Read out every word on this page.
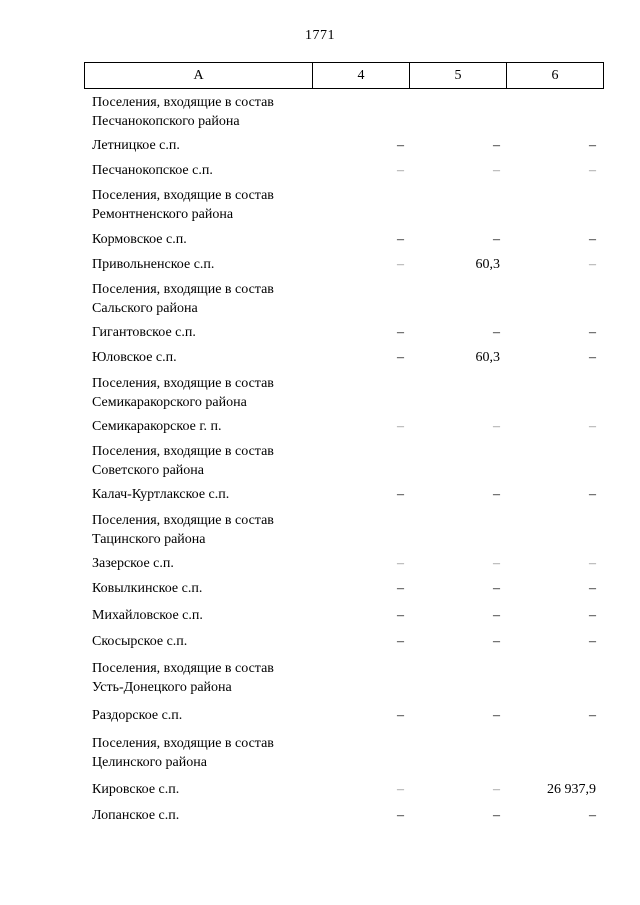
1771
А	4	5	6
Поселения, входящие в состав
Песчанокопского района
Летницкое с.п.	–	–	–
Песчанокопское с.п.	–	–	–
Поселения, входящие в состав
Ремонтненского района
Кормовское с.п.	–	–	–
Привольненское с.п.	–	60,3	–
Поселения, входящие в состав
Сальского района
Гигантовское с.п.	–	–	–
Юловское с.п.	–	60,3	–
Поселения, входящие в состав
Семикаракорского района
Семикаракорское г. п.	–	–	–
Поселения, входящие в состав
Советского района
Калач-Куртлакское с.п.	–	–	–
Поселения, входящие в состав
Тацинского района
Зазерское с.п.	–	–	–
Ковылкинское с.п.	–	–	–
Михайловское с.п.	–	–	–
Скосырское с.п.	–	–	–
Поселения, входящие в состав
Усть-Донецкого района
Раздорское с.п.	–	–	–
Поселения, входящие в состав
Целинского района
Кировское с.п.	–	–	26 937,9
Лопанское с.п.	–	–	–
